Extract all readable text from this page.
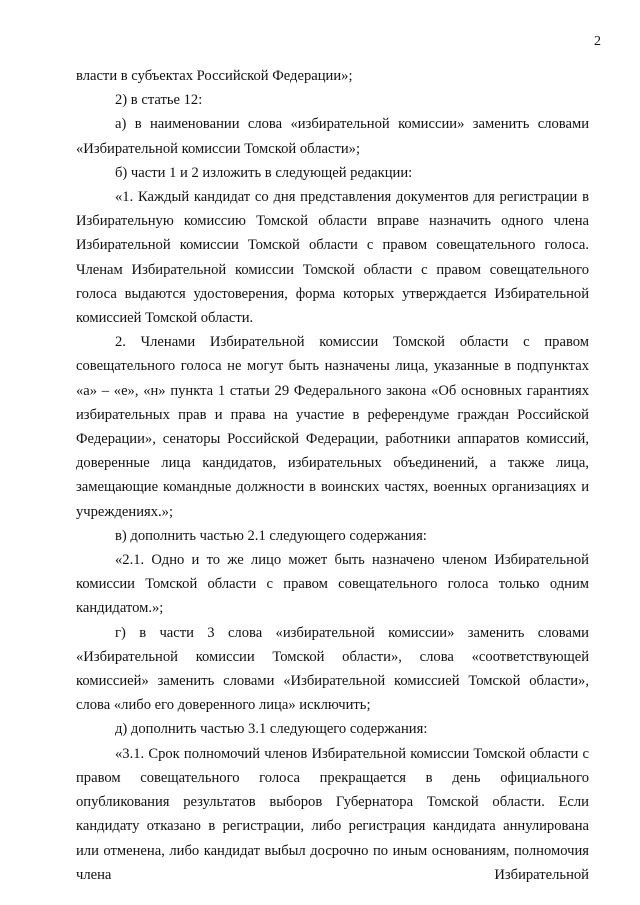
2

власти в субъектах Российской Федерации»;

2) в статье 12:

а) в наименовании слова «избирательной комиссии» заменить словами «Избирательной комиссии Томской области»;

б) части 1 и 2 изложить в следующей редакции:

«1. Каждый кандидат со дня представления документов для регистрации в Избирательную комиссию Томской области вправе назначить одного члена Избирательной комиссии Томской области с правом совещательного голоса. Членам Избирательной комиссии Томской области с правом совещательного голоса выдаются удостоверения, форма которых утверждается Избирательной комиссией Томской области.

2. Членами Избирательной комиссии Томской области с правом совещательного голоса не могут быть назначены лица, указанные в подпунктах «а» – «е», «н» пункта 1 статьи 29 Федерального закона «Об основных гарантиях избирательных прав и права на участие в референдуме граждан Российской Федерации», сенаторы Российской Федерации, работники аппаратов комиссий, доверенные лица кандидатов, избирательных объединений, а также лица, замещающие командные должности в воинских частях, военных организациях и учреждениях.»;

в) дополнить частью 2.1 следующего содержания:

«2.1. Одно и то же лицо может быть назначено членом Избирательной комиссии Томской области с правом совещательного голоса только одним кандидатом.»;

г) в части 3 слова «избирательной комиссии» заменить словами «Избирательной комиссии Томской области», слова «соответствующей комиссией» заменить словами «Избирательной комиссией Томской области», слова «либо его доверенного лица» исключить;

д) дополнить частью 3.1 следующего содержания:

«3.1. Срок полномочий членов Избирательной комиссии Томской области с правом совещательного голоса прекращается в день официального опубликования результатов выборов Губернатора Томской области. Если кандидату отказано в регистрации, либо регистрация кандидата аннулирована или отменена, либо кандидат выбыл досрочно по иным основаниям, полномочия члена Избирательной
